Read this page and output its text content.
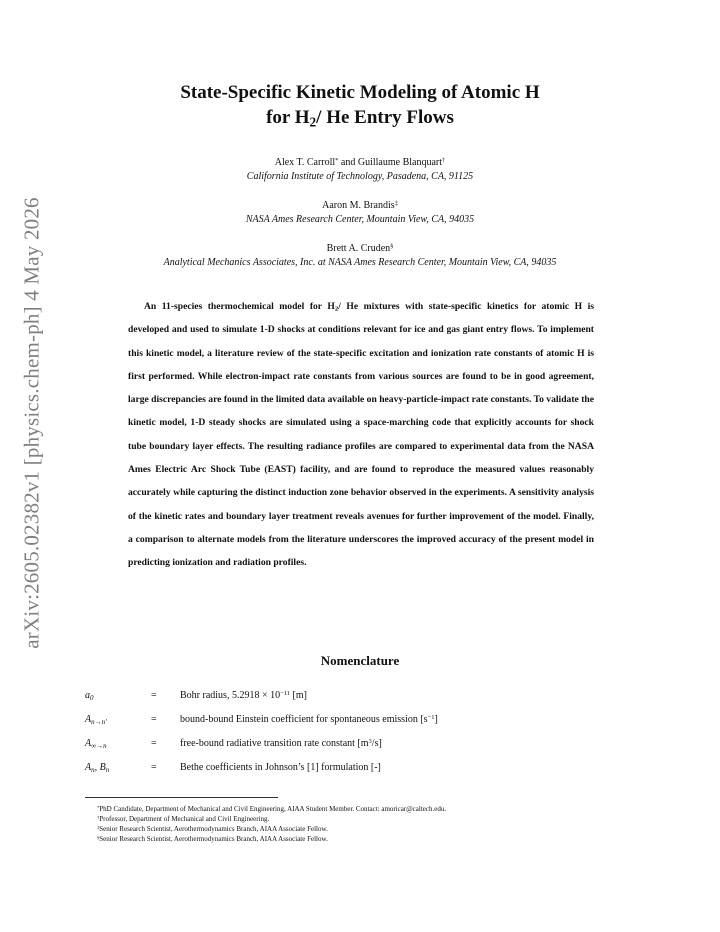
arXiv:2605.02382v1 [physics.chem-ph] 4 May 2026
State-Specific Kinetic Modeling of Atomic H
for $H_2/$ He Entry Flows
Alex T. Carroll* and Guillaume Blanquart†
California Institute of Technology, Pasadena, CA, 91125
Aaron M. Brandis‡
NASA Ames Research Center, Mountain View, CA, 94035
Brett A. Cruden§
Analytical Mechanics Associates, Inc. at NASA Ames Research Center, Mountain View, CA, 94035
An 11-species thermochemical model for $H_2/$ He mixtures with state-specific kinetics for atomic H is developed and used to simulate 1-D shocks at conditions relevant for ice and gas giant entry flows. To implement this kinetic model, a literature review of the state-specific excitation and ionization rate constants of atomic H is first performed. While electron-impact rate constants from various sources are found to be in good agreement, large discrepancies are found in the limited data available on heavy-particle-impact rate constants. To validate the kinetic model, 1-D steady shocks are simulated using a space-marching code that explicitly accounts for shock tube boundary layer effects. The resulting radiance profiles are compared to experimental data from the NASA Ames Electric Arc Shock Tube (EAST) facility, and are found to reproduce the measured values reasonably accurately while capturing the distinct induction zone behavior observed in the experiments. A sensitivity analysis of the kinetic rates and boundary layer treatment reveals avenues for further improvement of the model. Finally, a comparison to alternate models from the literature underscores the improved accuracy of the present model in predicting ionization and radiation profiles.
Nomenclature
$a_0$	= Bohr radius, $5.2918 \times 10^{-11}$ [m]
$A_{n\to n'}$	= bound-bound Einstein coefficient for spontaneous emission $[s^{-1}]$
$A_{\infty\to n}$	= free-bound radiative transition rate constant $[m^3/s]$
$A_n$, $B_n$	= Bethe coefficients in Johnson’s [1] formulation [-]
*PhD Candidate, Department of Mechanical and Civil Engineering, AIAA Student Member. Contact: amoricar@caltech.edu.
†Professor, Department of Mechanical and Civil Engineering.
‡Senior Research Scientist, Aerothermodynamics Branch, AIAA Associate Fellow.
§Senior Research Scientist, Aerothermodynamics Branch, AIAA Associate Fellow.
